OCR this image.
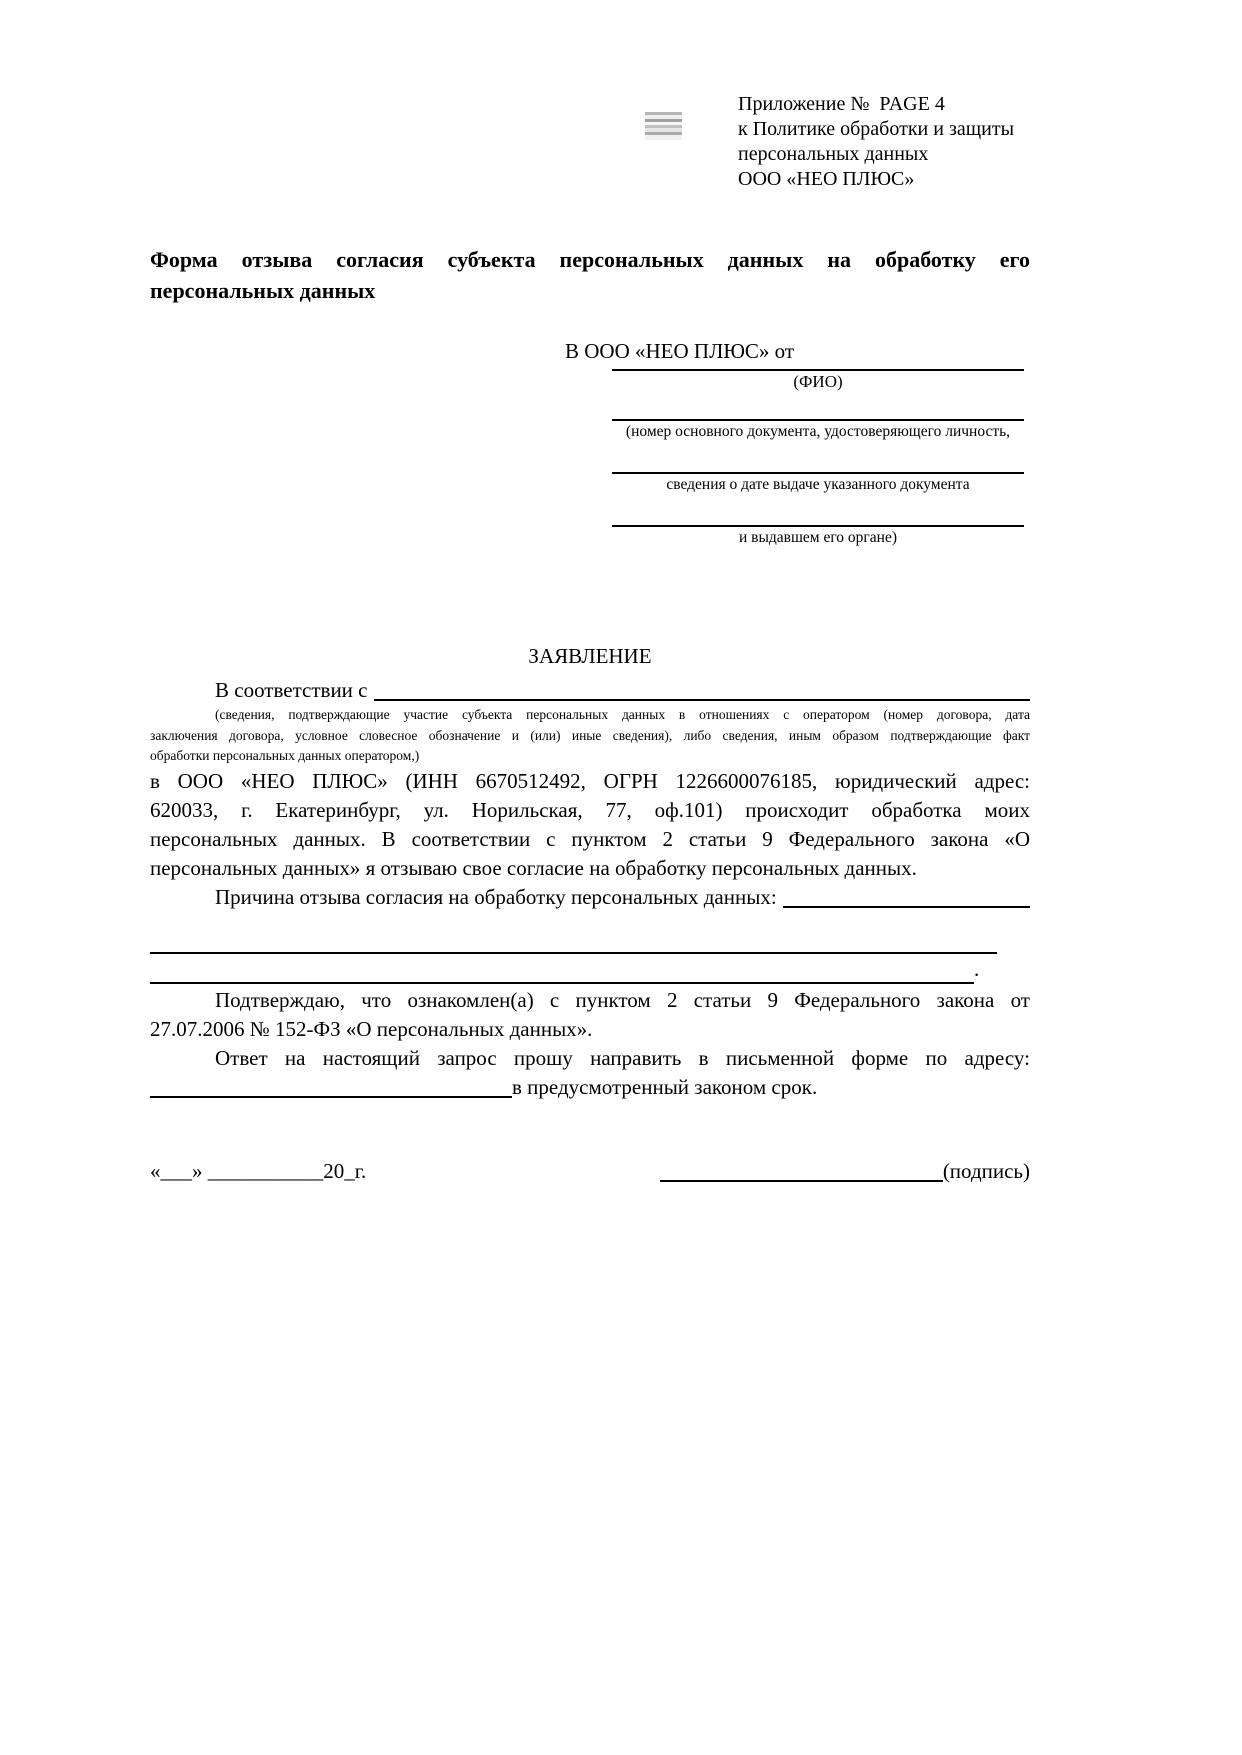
Приложение №  PAGE 4
к Политике обработки и защиты
персональных данных
ООО «НЕО ПЛЮС»
Форма отзыва согласия субъекта персональных данных на обработку его
персональных данных
В ООО «НЕО ПЛЮС» от
(ФИО)
(номер основного документа, удостоверяющего личность,
сведения о дате выдаче указанного документа
и выдавшем его органе)
ЗАЯВЛЕНИЕ
В соответствии с
(сведения, подтверждающие участие субъекта персональных данных в отношениях с оператором (номер договора, дата
заключения договора, условное словесное обозначение и (или) иные сведения), либо сведения, иным образом подтверждающие факт
обработки персональных данных оператором,)
в ООО «НЕО ПЛЮС» (ИНН 6670512492, ОГРН 1226600076185, юридический адрес:
620033, г. Екатеринбург, ул. Норильская, 77, оф.101) происходит обработка моих
персональных данных. В соответствии с пунктом 2 статьи 9 Федерального закона «О
персональных данных» я отзываю свое согласие на обработку персональных данных.
Причина отзыва согласия на обработку персональных данных:
.
Подтверждаю, что ознакомлен(а) с пунктом 2 статьи 9 Федерального закона от
27.07.2006 № 152-ФЗ «О персональных данных».
Ответ на настоящий запрос прошу направить в письменной форме по адресу:
в предусмотренный законом срок.
«___» ___________20_г.	(подпись)
